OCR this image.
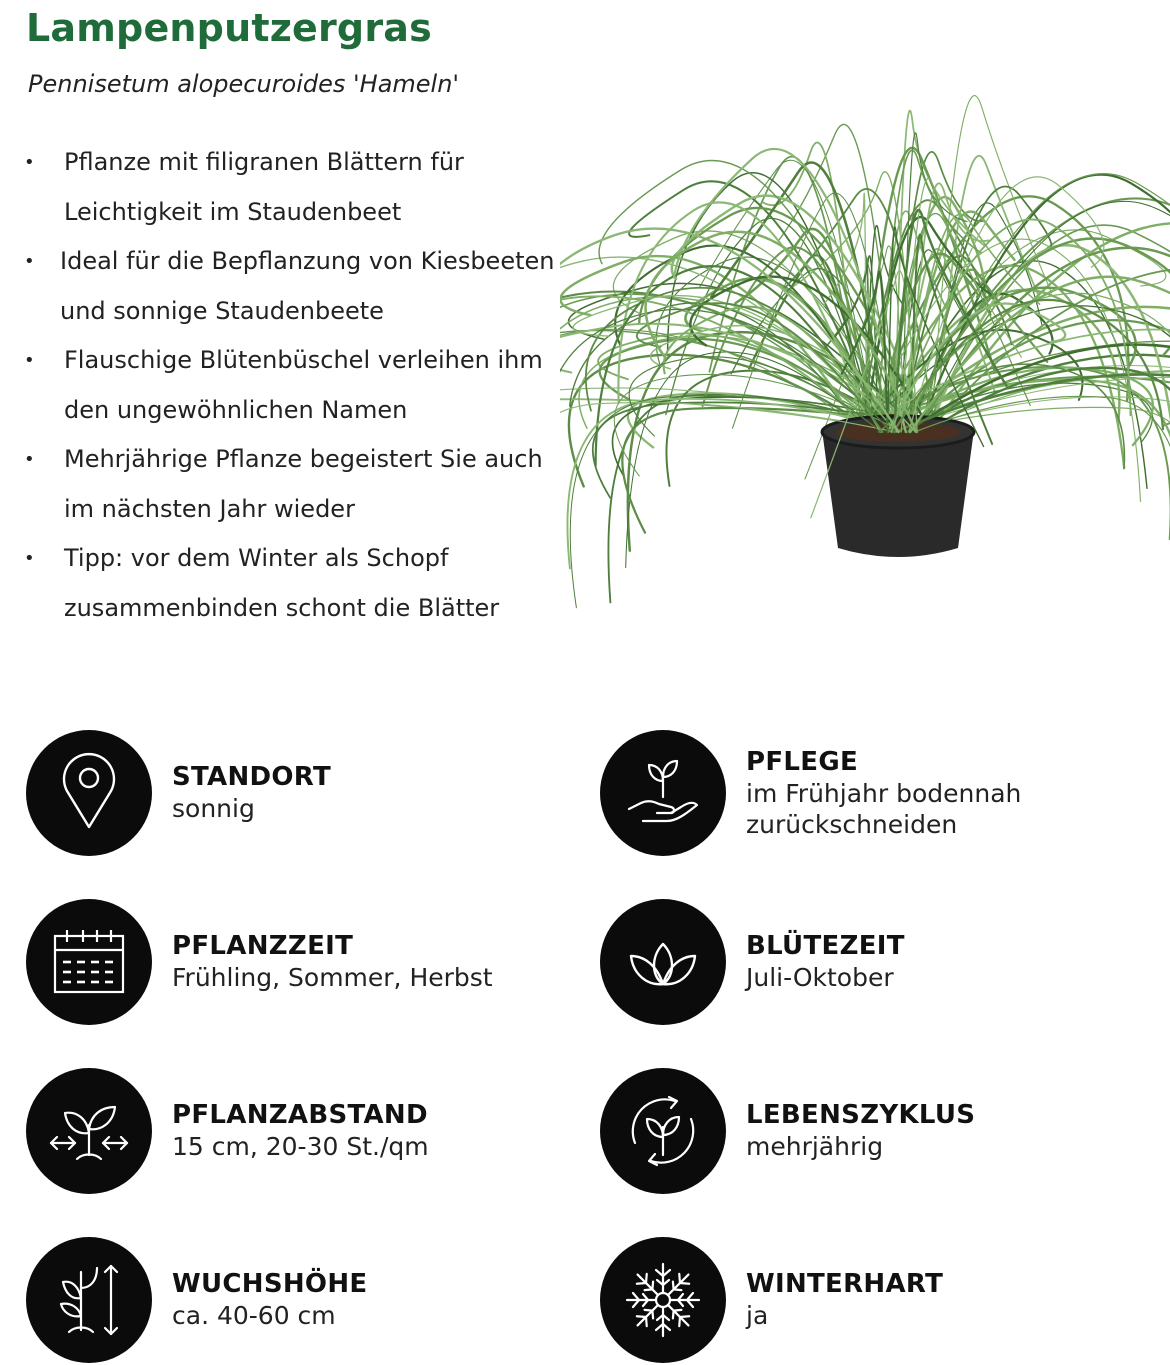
Lampenputzergras
Pennisetum alopecuroides 'Hameln'
• Pflanze mit filigranen Blättern für
Leichtigkeit im Staudenbeet
• Ideal für die Bepflanzung von Kiesbeeten
und sonnige Staudenbeete
• Flauschige Blütenbüschel verleihen ihm
den ungewöhnlichen Namen
• Mehrjährige Pflanze begeistert Sie auch
im nächsten Jahr wieder
• Tipp: vor dem Winter als Schopf
zusammenbinden schont die Blätter
STANDORT
sonnig
PFLEGE
im Frühjahr bodennah
zurückschneiden
PFLANZZEIT
Frühling, Sommer, Herbst
BLÜTEZEIT
Juli-Oktober
PFLANZABSTAND
15 cm, 20-30 St./qm
LEBENSZYKLUS
mehrjährig
WUCHSHÖHE
ca. 40-60 cm
WINTERHART
ja
